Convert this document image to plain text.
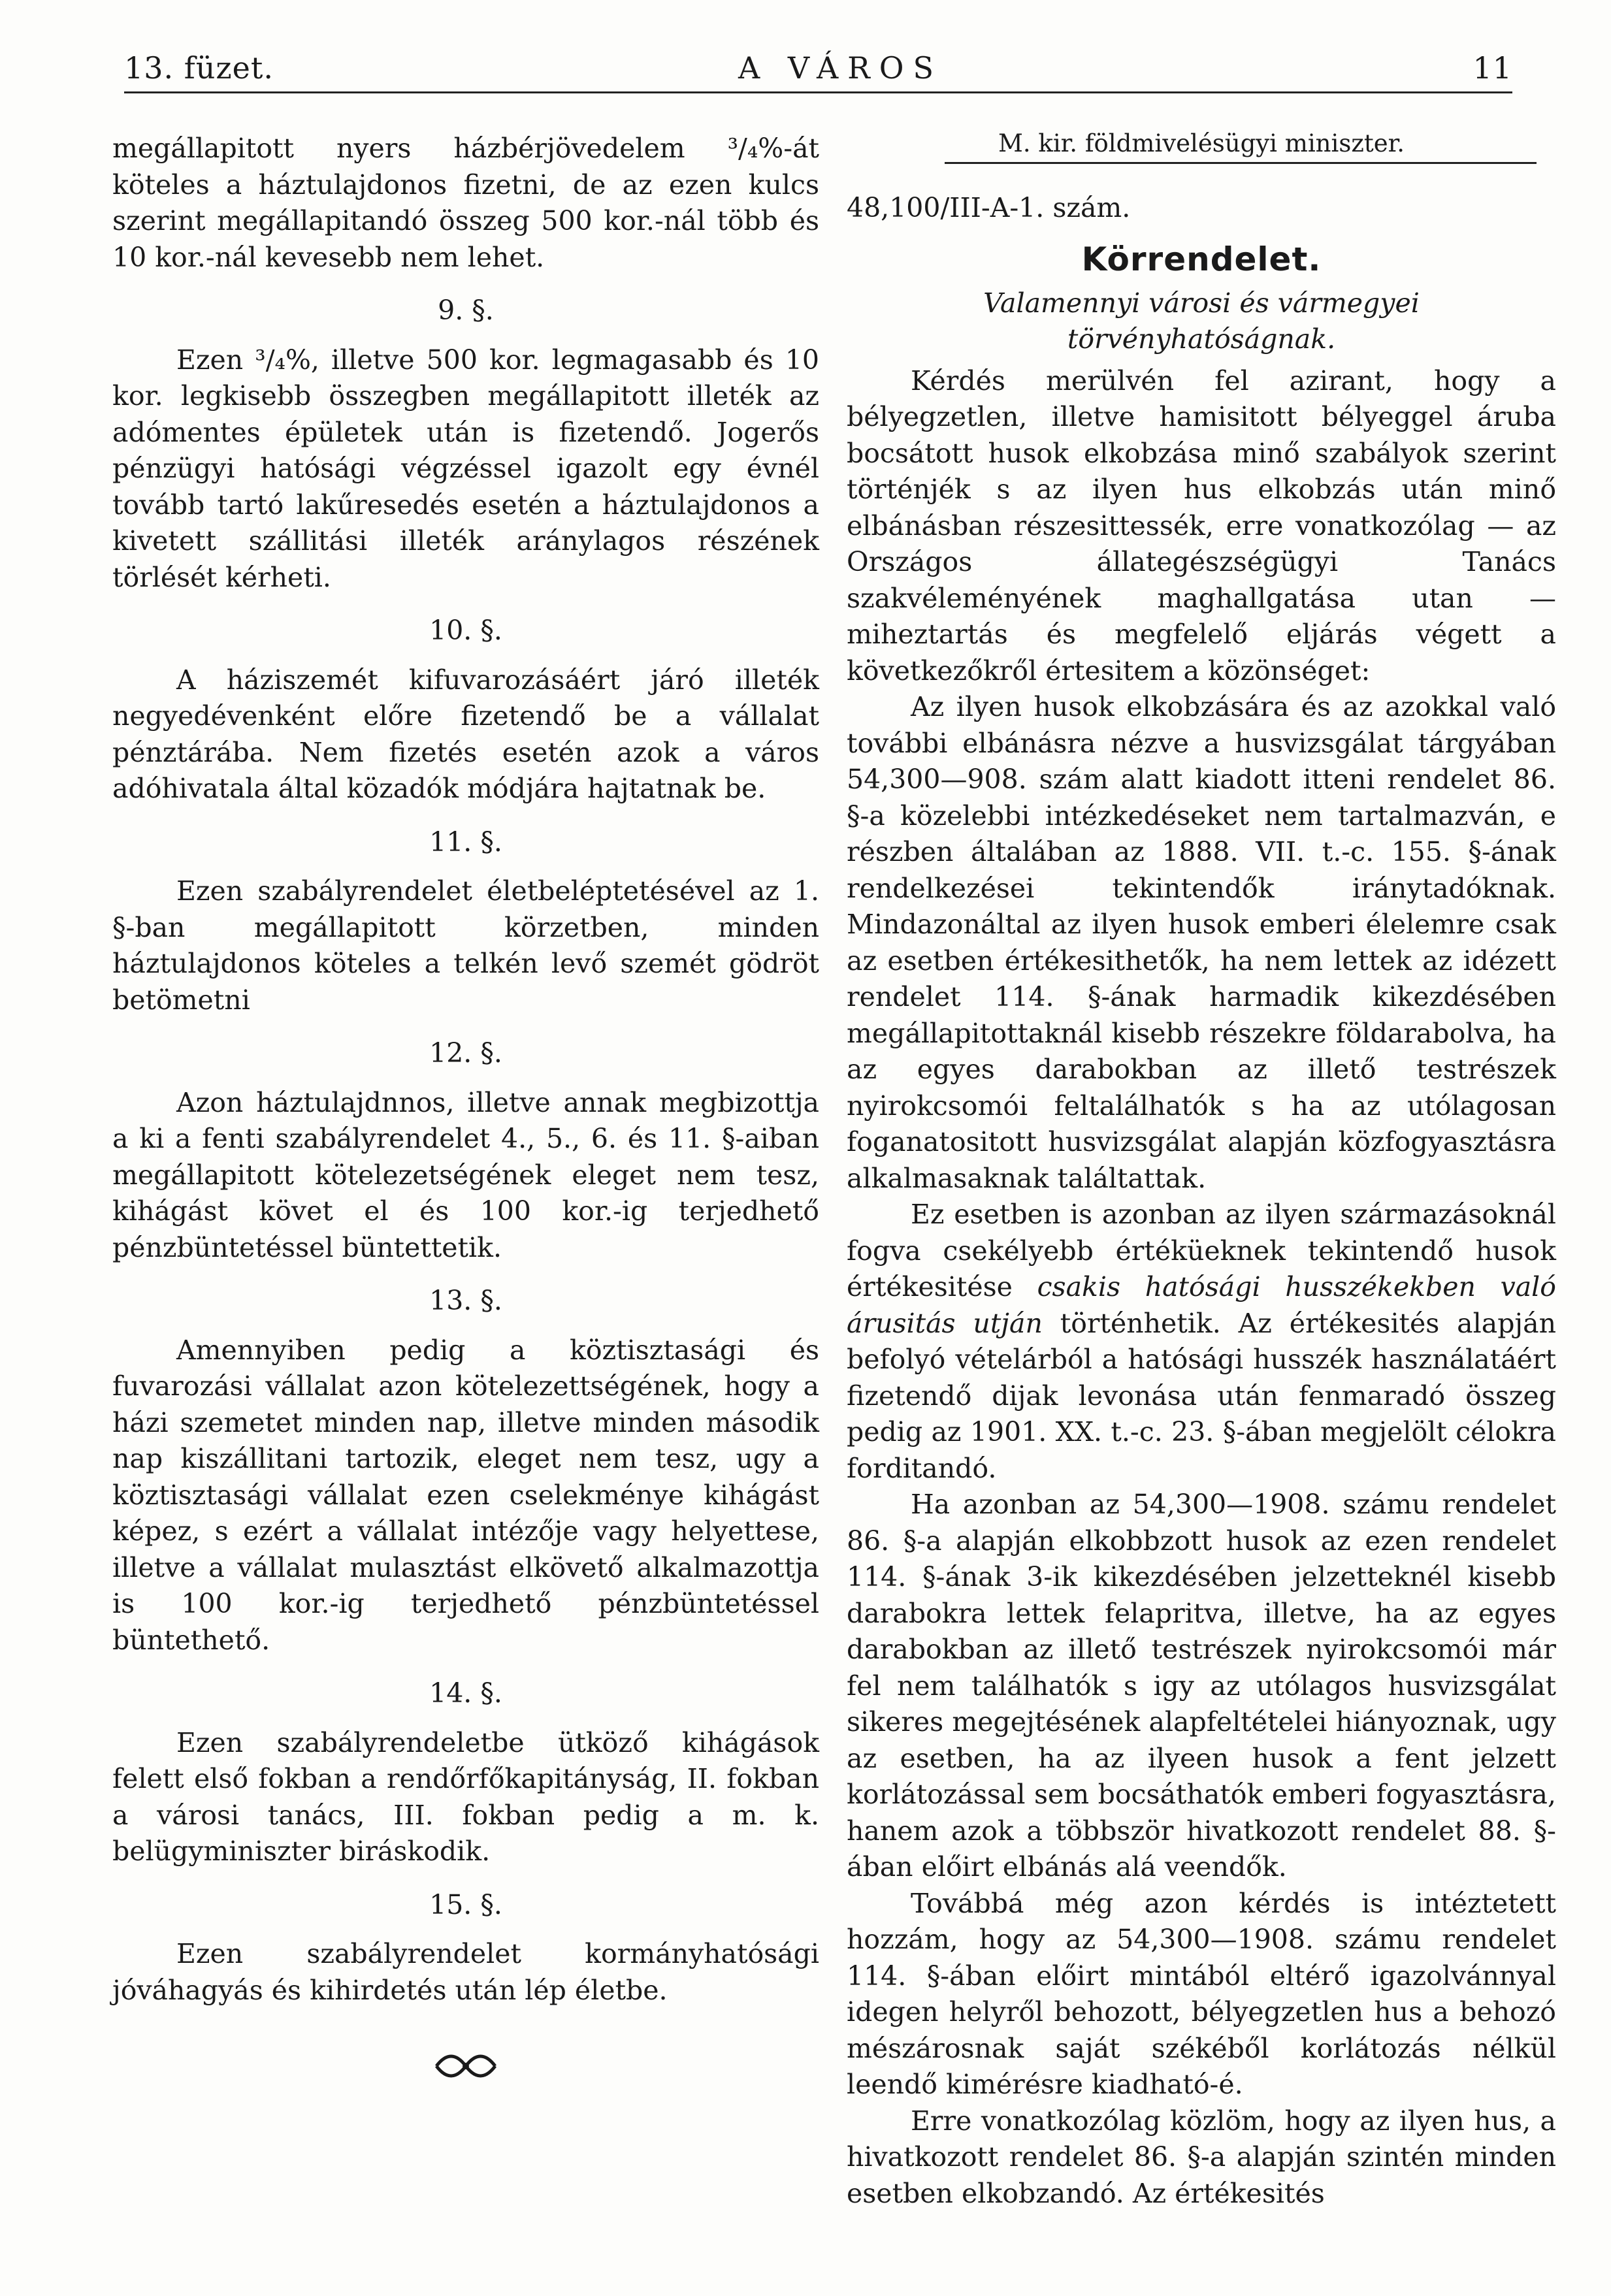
13. füzet.	A VÁROS	11

megállapitott nyers házbérjövedelem ³/₄%-át köteles a háztulajdonos fizetni, de az ezen kulcs szerint megállapitandó összeg 500 kor.-nál több és 10 kor.-nál kevesebb nem lehet.

9. §.

Ezen ³/₄%, illetve 500 kor. legmagasabb és 10 kor. legkisebb összegben megállapitott illeték az adómentes épületek után is fizetendő. Jogerős pénzügyi hatósági végzéssel igazolt egy évnél tovább tartó lakűresedés esetén a háztulajdonos a kivetett szállitási illeték aránylagos részének törlését kérheti.

10. §.

A háziszemét kifuvarozásáért járó illeték negyedévenként előre fizetendő be a vállalat pénztárába. Nem fizetés esetén azok a város adóhivatala által közadók módjára hajtatnak be.

11. §.

Ezen szabályrendelet életbeléptetésével az 1. §-ban megállapitott körzetben, minden háztulajdonos köteles a telkén levő szemét gödröt betömetni

12. §.

Azon háztulajdnnos, illetve annak megbizottja a ki a fenti szabályrendelet 4., 5., 6. és 11. §-aiban megállapitott kötelezetségének eleget nem tesz, kihágást követ el és 100 kor.-ig terjedhető pénzbüntetéssel büntettetik.

13. §.

Amennyiben pedig a köztisztasági és fuvarozási vállalat azon kötelezettségének, hogy a házi szemetet minden nap, illetve minden második nap kiszállitani tartozik, eleget nem tesz, ugy a köztisztasági vállalat ezen cselekménye kihágást képez, s ezért a vállalat intézője vagy helyettese, illetve a vállalat mulasztást elkövető alkalmazottja is 100 kor.-ig terjedhető pénzbüntetéssel büntethető.

14. §.

Ezen szabályrendeletbe ütköző kihágások felett első fokban a rendőrfőkapitányság, II. fokban a városi tanács, III. fokban pedig a m. k. belügyminiszter biráskodik.

15. §.

Ezen szabályrendelet kormányhatósági jóváhagyás és kihirdetés után lép életbe.

M. kir. földmivelésügyi miniszter.

48,100/III-A-1. szám.

Körrendelet.

Valamennyi városi és vármegyei törvényhatóságnak.

Kérdés merülvén fel azirant, hogy a bélyegzetlen, illetve hamisitott bélyeggel áruba bocsátott husok elkobzása minő szabályok szerint történjék s az ilyen hus elkobzás után minő elbánásban részesittessék, erre vonatkozólag — az Országos állategészségügyi Tanács szakvéleményének maghallgatása utan — miheztartás és megfelelő eljárás végett a következőkről értesitem a közönséget:

Az ilyen husok elkobzására és az azokkal való további elbánásra nézve a husvizsgálat tárgyában 54,300—908. szám alatt kiadott itteni rendelet 86. §-a közelebbi intézkedéseket nem tartalmazván, e részben általában az 1888. VII. t.-c. 155. §-ának rendelkezései tekintendők iránytadóknak. Mindazonáltal az ilyen husok emberi élelemre csak az esetben értékesithetők, ha nem lettek az idézett rendelet 114. §-ának harmadik kikezdésében megállapitottaknál kisebb részekre földarabolva, ha az egyes darabokban az illető testrészek nyirokcsomói feltalálhatók s ha az utólagosan foganatositott husvizsgálat alapján közfogyasztásra alkalmasaknak találtattak.

Ez esetben is azonban az ilyen származásoknál fogva csekélyebb értéküeknek tekintendő husok értékesitése csakis hatósági husszékekben való árusitás utján történhetik. Az értékesités alapján befolyó vételárból a hatósági husszék használatáért fizetendő dijak levonása után fenmaradó összeg pedig az 1901. XX. t.-c. 23. §-ában megjelölt célokra forditandó.

Ha azonban az 54,300—1908. számu rendelet 86. §-a alapján elkobbzott husok az ezen rendelet 114. §-ának 3-ik kikezdésében jelzetteknél kisebb darabokra lettek felapritva, illetve, ha az egyes darabokban az illető testrészek nyirokcsomói már fel nem találhatók s igy az utólagos husvizsgálat sikeres megejtésének alapfeltételei hiányoznak, ugy az esetben, ha az ilyeen husok a fent jelzett korlátozással sem bocsáthatók emberi fogyasztásra, hanem azok a többször hivatkozott rendelet 88. §-ában előirt elbánás alá veendők.

Továbbá még azon kérdés is intéztetett hozzám, hogy az 54,300—1908. számu rendelet 114. §-ában előirt mintából eltérő igazolvánnyal idegen helyről behozott, bélyegzetlen hus a behozó mészárosnak saját székéből korlátozás nélkül leendő kimérésre kiadható-é.

Erre vonatkozólag közlöm, hogy az ilyen hus, a hivatkozott rendelet 86. §-a alapján szintén minden esetben elkobzandó. Az értékesités
